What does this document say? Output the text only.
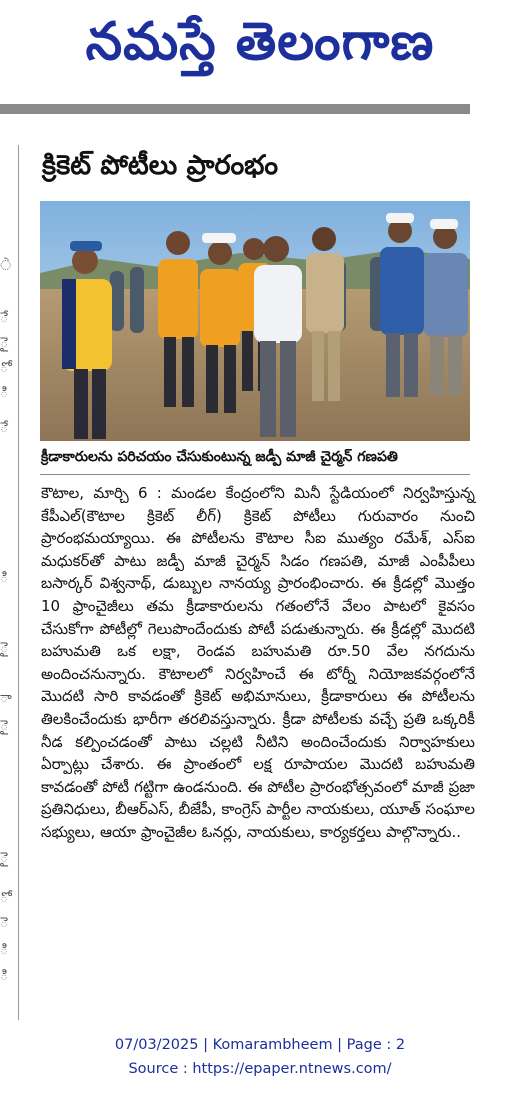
నమస్తే తెలంగాణ
ੇ
ే
ై
ో
ి
ే
ి
ై
ా
ై
ై
ో
ె
ి
ి
క్రికెట్ పోటీలు ప్రారంభం
క్రీడాకారులను పరిచయం చేసుకుంటున్న జడ్పీ మాజీ చైర్మన్ గణపతి
కౌటాల, మార్చి 6 : మండల కేంద్రంలోని మినీ స్టేడియంలో నిర్వహిస్తున్న కేపీఎల్(కౌటాల క్రికెట్ లీగ్) క్రికెట్ పోటీలు గురువారం నుంచి ప్రారంభమయ్యాయి. ఈ పోటీలను కౌటాల సీఐ ముత్యం రమేశ్, ఎస్ఐ మధుకర్‌తో పాటు జడ్పీ మాజీ చైర్మన్ సిడం గణపతి, మాజీ ఎంపీపీలు బసార్కర్ విశ్వనాథ్, డుబ్బుల నానయ్య ప్రారంభించారు. ఈ క్రీడల్లో మొత్తం 10 ఫ్రాంచైజీలు తమ క్రీడాకారులను గతంలోనే వేలం పాటలో కైవసం చేసుకోగా పోటీల్లో గెలుపొందేందుకు పోటీ పడుతున్నారు. ఈ క్రీడల్లో మొదటి బహుమతి ఒక లక్షా, రెండవ బహుమతి రూ.50 వేల నగదును అందించనున్నారు. కౌటాలలో నిర్వహించే ఈ టోర్నీ నియోజకవర్గంలోనే మొదటి సారి కావడంతో క్రికెట్ అభిమానులు, క్రీడాకారులు ఈ పోటీలను తిలకించేందుకు భారీగా తరలివస్తున్నారు. క్రీడా పోటీలకు వచ్చే ప్రతి ఒక్కరికీ నీడ కల్పించడంతో పాటు చల్లటి నీటిని అందించేందుకు నిర్వాహకులు ఏర్పాట్లు చేశారు. ఈ ప్రాంతంలో లక్ష రూపాయల మొదటి బహుమతి కావడంతో పోటీ గట్టిగా ఉండనుంది. ఈ పోటీల ప్రారంభోత్సవంలో మాజీ ప్రజా ప్రతినిధులు, బీఆర్ఎస్, బీజేపీ, కాంగ్రెస్ పార్టీల నాయకులు, యూత్ సంఘాల సభ్యులు, ఆయా ఫ్రాంచైజీల ఓనర్లు, నాయకులు, కార్యకర్తలు పాల్గొన్నారు..
07/03/2025 | Komarambheem | Page : 2
Source : https://epaper.ntnews.com/
